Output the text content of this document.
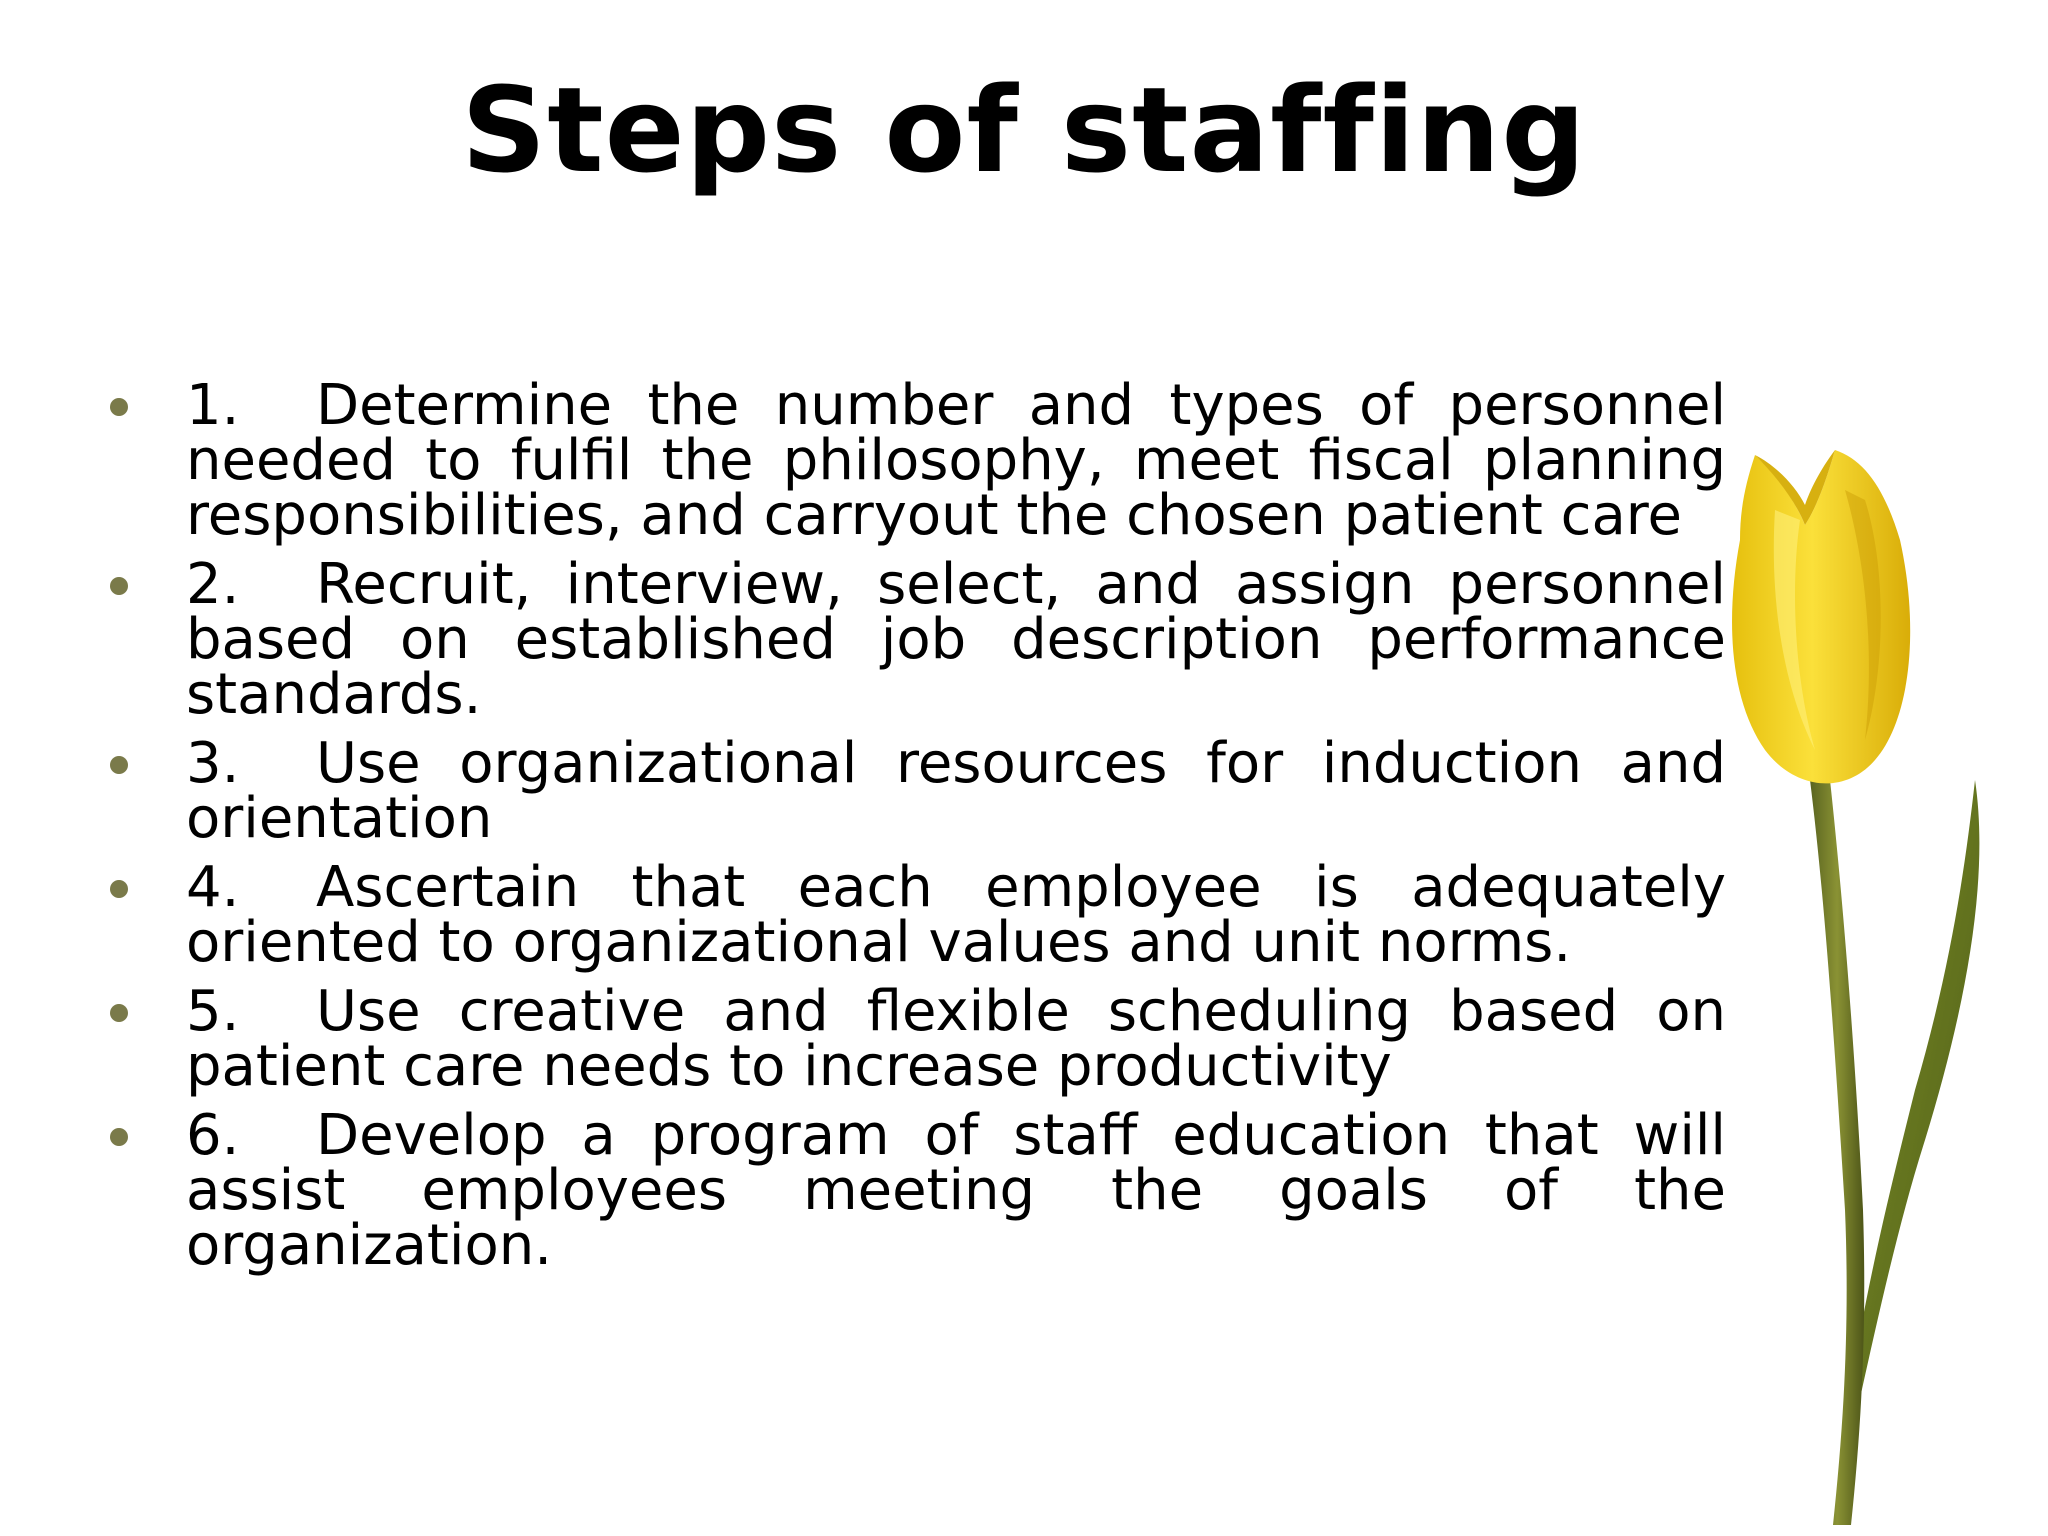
Steps of staffing
1. Determine the number and types of personnel needed to fulfil the philosophy, meet fiscal planning responsibilities, and carryout the chosen patient care
2. Recruit, interview, select, and assign personnel based on established job description performance standards.
3. Use organizational resources for induction and orientation
4. Ascertain that each employee is adequately oriented to organizational values and unit norms.
5. Use creative and flexible scheduling based on patient care needs to increase productivity
6. Develop a program of staff education that will assist employees meeting the goals of the organization.
